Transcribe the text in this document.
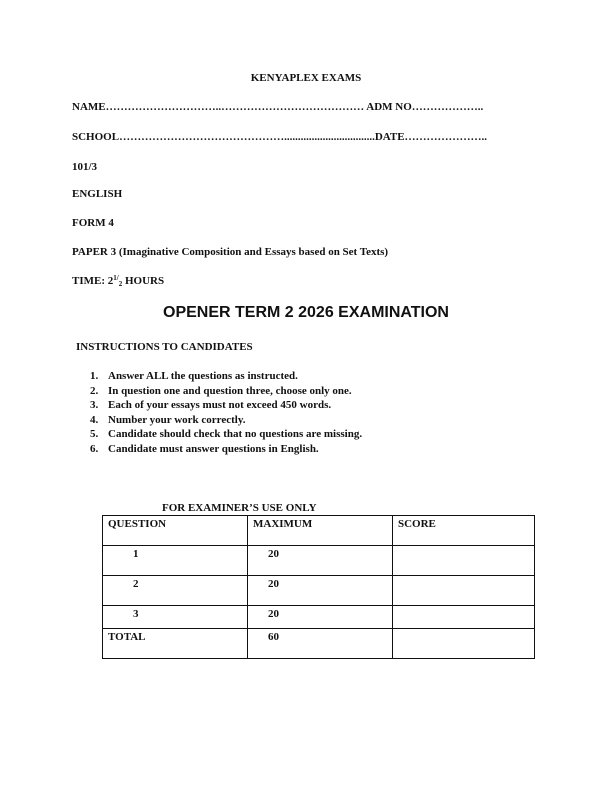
KENYAPLEX EXAMS
NAME…………………………..………………………………… ADM NO………………..
SCHOOL……………………………………….................................DATE…………………..
101/3
ENGLISH
FORM 4
PAPER 3 (Imaginative Composition and Essays based on Set Texts)
TIME: $2^{1/}_2$ HOURS
OPENER TERM 2 2026 EXAMINATION
INSTRUCTIONS TO CANDIDATES
1. Answer ALL the questions as instructed.
2. In question one and question three, choose only one.
3. Each of your essays must not exceed 450 words.
4. Number your work correctly.
5. Candidate should check that no questions are missing.
6. Candidate must answer questions in English.
FOR EXAMINER’S USE ONLY
QUESTION	MAXIMUM	SCORE
1	20	
2	20	
3	20	
TOTAL	60	
